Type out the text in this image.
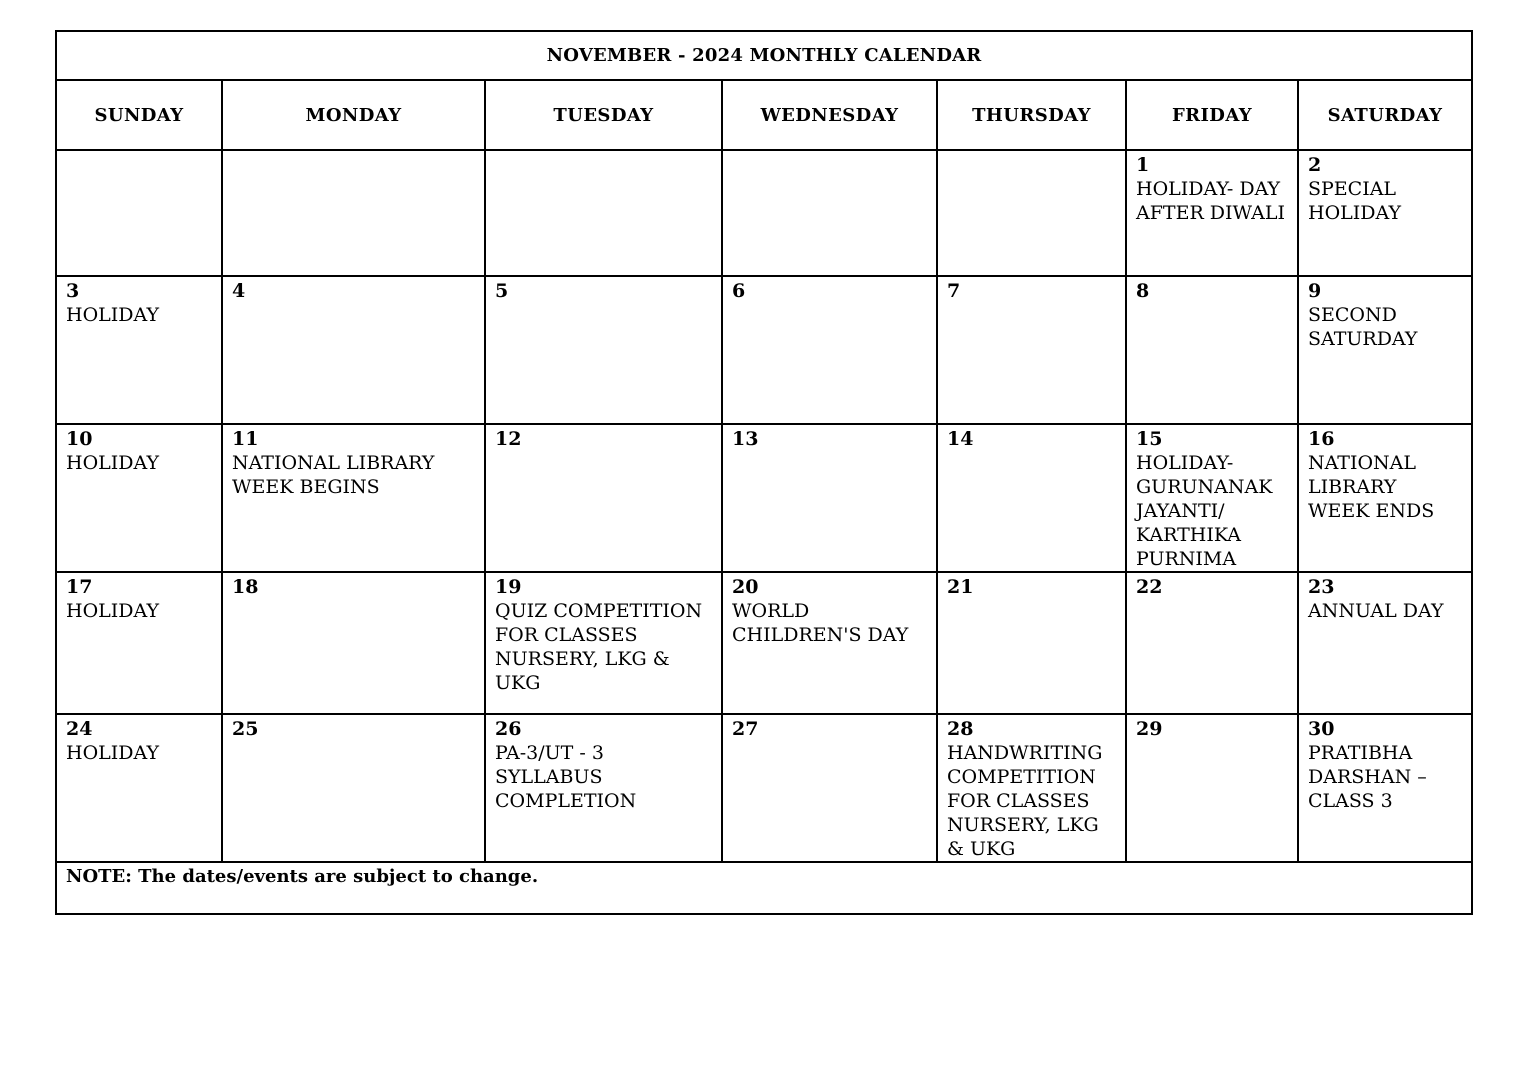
NOVEMBER - 2024 MONTHLY CALENDAR						
SUNDAY	MONDAY	TUESDAY	WEDNESDAY	THURSDAY	FRIDAY	SATURDAY

					1
HOLIDAY- DAY AFTER DIWALI	2
SPECIAL HOLIDAY

3
HOLIDAY	4	5	6	7	8	9
SECOND SATURDAY

10
HOLIDAY	11
NATIONAL LIBRARY WEEK BEGINS	12	13	14	15
HOLIDAY- GURUNANAK JAYANTI/ KARTHIKA PURNIMA	16
NATIONAL LIBRARY WEEK ENDS

17
HOLIDAY	18	19
QUIZ COMPETITION FOR CLASSES NURSERY, LKG & UKG	20
WORLD CHILDREN'S DAY	21	22	23
ANNUAL DAY

24
HOLIDAY	25	26
PA-3/UT - 3 SYLLABUS COMPLETION	27	28
HANDWRITING COMPETITION FOR CLASSES NURSERY, LKG & UKG	29	30
PRATIBHA DARSHAN – CLASS 3

NOTE: The dates/events are subject to change.						
